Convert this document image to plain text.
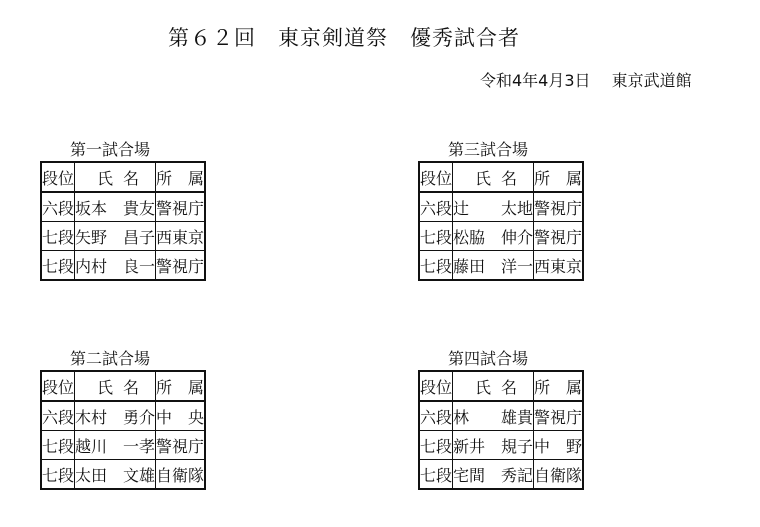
第６２回　東京剣道祭　優秀試合者
令和4年4月3日　 東京武道館
第一試合場
段位	氏 名	所　属
六段	坂本　貴友	警視庁
七段	矢野　昌子	西東京
七段	内村　良一	警視庁
第三試合場
段位	氏 名	所　属
六段	辻　　太地	警視庁
七段	松脇　伸介	警視庁
七段	藤田　洋一	西東京
第二試合場
段位	氏 名	所　属
六段	木村　勇介	中　央
七段	越川　一孝	警視庁
七段	太田　文雄	自衛隊
第四試合場
段位	氏 名	所　属
六段	林　　雄貴	警視庁
七段	新井　規子	中　野
七段	宅間　秀記	自衛隊
